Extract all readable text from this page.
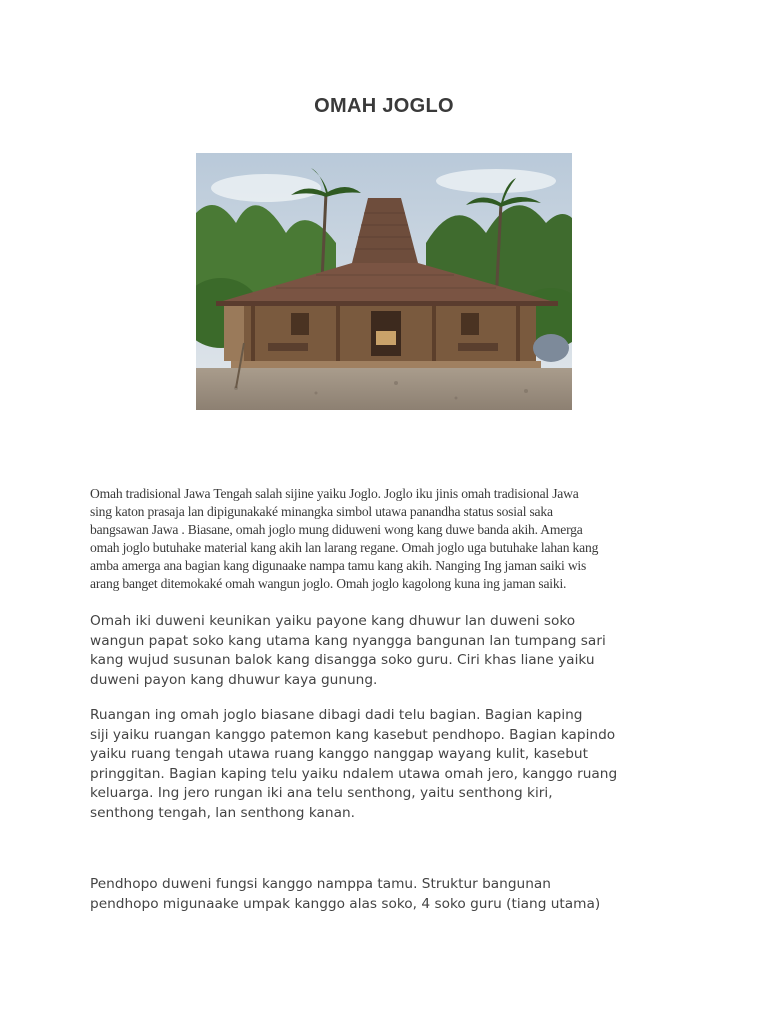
OMAH JOGLO
Omah tradisional Jawa Tengah salah sijine yaiku Joglo. Joglo iku jinis omah tradisional Jawa
sing katon prasaja lan dipigunakaké minangka simbol utawa panandha status sosial saka
bangsawan Jawa . Biasane, omah joglo mung diduweni wong kang duwe banda akih. Amerga
omah joglo butuhake material kang akih lan larang regane. Omah joglo uga butuhake lahan kang
amba amerga ana bagian kang digunaake nampa tamu kang akih. Nanging Ing jaman saiki wis
arang banget ditemokaké omah wangun joglo. Omah joglo kagolong kuna ing jaman saiki.
Omah iki duweni keunikan yaiku payone kang dhuwur lan duweni soko
wangun papat soko kang utama kang nyangga bangunan lan tumpang sari
kang wujud susunan balok kang disangga soko guru. Ciri khas liane yaiku
duweni payon kang dhuwur kaya gunung.
Ruangan ing omah joglo biasane dibagi dadi telu bagian. Bagian kaping
siji yaiku ruangan kanggo patemon kang kasebut pendhopo. Bagian kapindo
yaiku ruang tengah utawa ruang kanggo nanggap wayang kulit, kasebut
pringgitan. Bagian kaping telu yaiku ndalem utawa omah jero, kanggo ruang
keluarga. Ing jero rungan iki ana telu senthong, yaitu senthong kiri,
senthong tengah, lan senthong kanan.
Pendhopo duweni fungsi kanggo namppa tamu. Struktur bangunan
pendhopo migunaake umpak kanggo alas soko, 4 soko guru (tiang utama)
